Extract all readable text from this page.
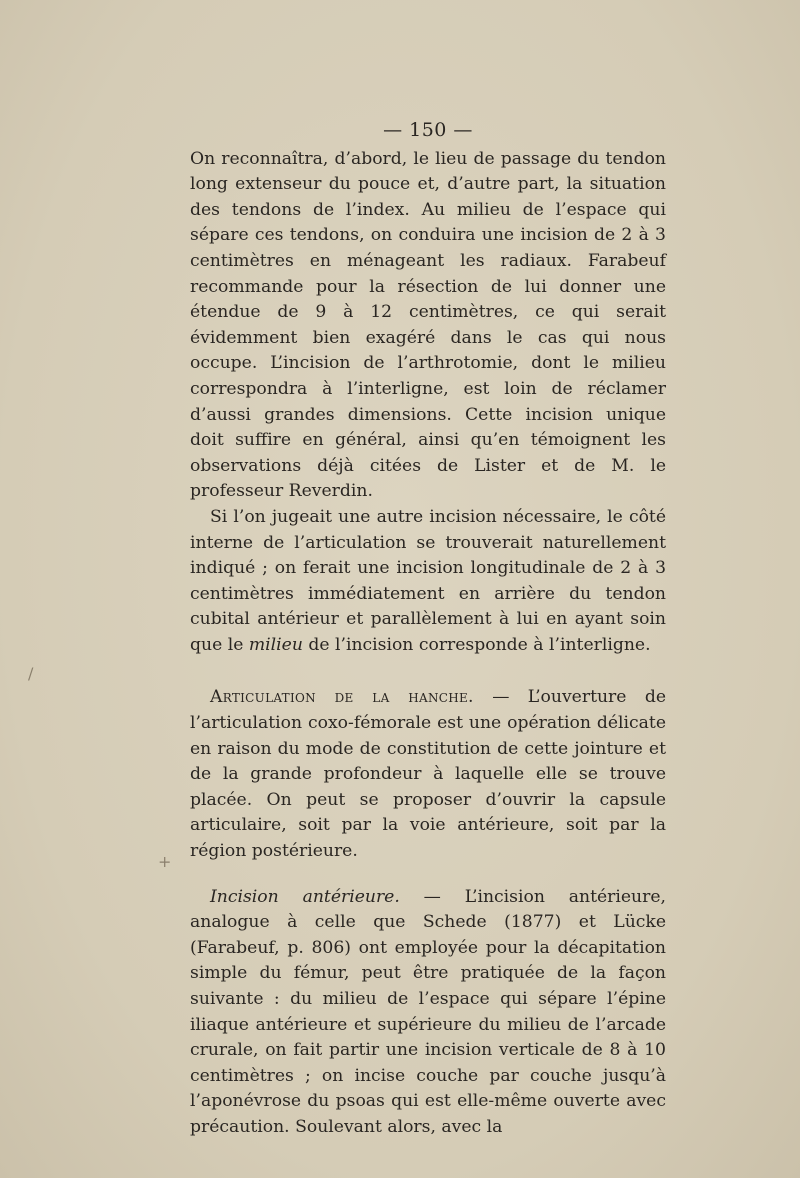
/
+
— 150 —

On reconnaîtra, d’abord, le lieu de passage du tendon long extenseur du pouce et, d’autre part, la situation des tendons de l’index. Au milieu de l’espace qui sépare ces tendons, on conduira une incision de 2 à 3 centimètres en ménageant les radiaux. Farabeuf recommande pour la résection de lui donner une étendue de 9 à 12 centimètres, ce qui serait évidemment bien exagéré dans le cas qui nous occupe. L’incision de l’arthrotomie, dont le milieu correspondra à l’interligne, est loin de réclamer d’aussi grandes dimensions. Cette incision unique doit suffire en général, ainsi qu’en témoignent les observations déjà citées de Lister et de M. le professeur Reverdin.

Si l’on jugeait une autre incision nécessaire, le côté interne de l’articulation se trouverait naturellement indiqué ; on ferait une incision longitudinale de 2 à 3 centimètres immédiatement en arrière du tendon cubital antérieur et parallèlement à lui en ayant soin que le milieu de l’incision corresponde à l’interligne.

Articulation de la hanche. — L’ouverture de l’articulation coxo-fémorale est une opération délicate en raison du mode de constitution de cette jointure et de la grande profondeur à laquelle elle se trouve placée. On peut se proposer d’ouvrir la capsule articulaire, soit par la voie antérieure, soit par la région postérieure.

Incision antérieure. — L’incision antérieure, analogue à celle que Schede (1877) et Lücke (Farabeuf, p. 806) ont employée pour la décapitation simple du fémur, peut être pratiquée de la façon suivante : du milieu de l’espace qui sépare l’épine iliaque antérieure et supérieure du milieu de l’arcade crurale, on fait partir une incision verticale de 8 à 10 centimètres ; on incise couche par couche jusqu’à l’aponévrose du psoas qui est elle-même ouverte avec précaution. Soulevant alors, avec la
